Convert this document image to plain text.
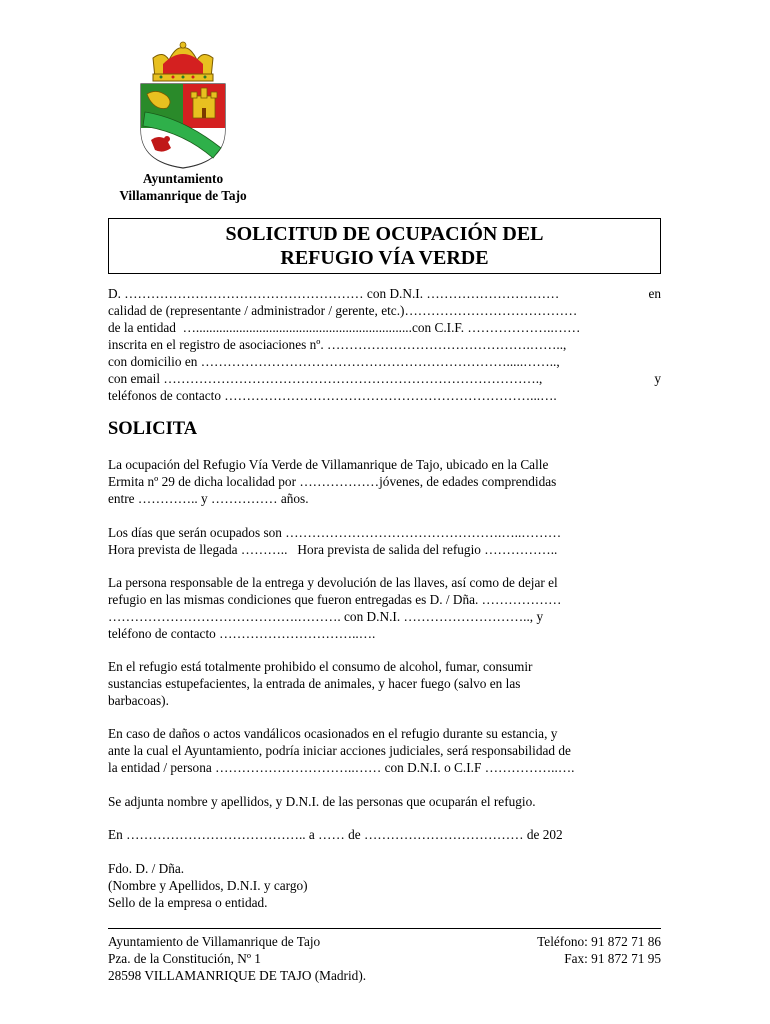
Ayuntamiento
Villamanrique de Tajo
SOLICITUD DE OCUPACIÓN DEL
REFUGIO VÍA VERDE
D. ……………………………………………… con D.N.I. …………………………	en
calidad de (representante / administrador / gerente, etc.)…………………………………
de la entidad  ….................................................................con C.I.F. ………………..……
inscrita en el registro de asociaciones nº. ……………………………………….……..,
con domicilio en …………………………………………………………….....……..,
con email ………………………………………………………………………….,	y
teléfonos de contacto ……………………………………………………………...….
SOLICITA
La ocupación del Refugio Vía Verde de Villamanrique de Tajo, ubicado en la Calle
Ermita nº 29 de dicha localidad por ………………jóvenes, de edades comprendidas
entre ………….. y …………… años.
Los días que serán ocupados son ………………………………………….…..………
Hora prevista de llegada ………..   Hora prevista de salida del refugio ……………..
La persona responsable de la entrega y devolución de las llaves, así como de dejar el
refugio en las mismas condiciones que fueron entregadas es D. / Dña. ………………
…………………………………….………. con D.N.I. ……………………….., y
teléfono de contacto …………………………..….
En el refugio está totalmente prohibido el consumo de alcohol, fumar, consumir
sustancias estupefacientes, la entrada de animales, y hacer fuego (salvo en las
barbacoas).
En caso de daños o actos vandálicos ocasionados en el refugio durante su estancia, y
ante la cual el Ayuntamiento, podría iniciar acciones judiciales, será responsabilidad de
la entidad / persona …………………………..…… con D.N.I. o C.I.F ……………..….
Se adjunta nombre y apellidos, y D.N.I. de las personas que ocuparán el refugio.
En ………………………………….. a …… de ……………………………… de 202
Fdo. D. / Dña.
(Nombre y Apellidos, D.N.I. y cargo)
Sello de la empresa o entidad.
Ayuntamiento de Villamanrique de Tajo
Pza. de la Constitución, Nº 1
28598 VILLAMANRIQUE DE TAJO (Madrid).
Teléfono: 91 872 71 86
Fax: 91 872 71 95
